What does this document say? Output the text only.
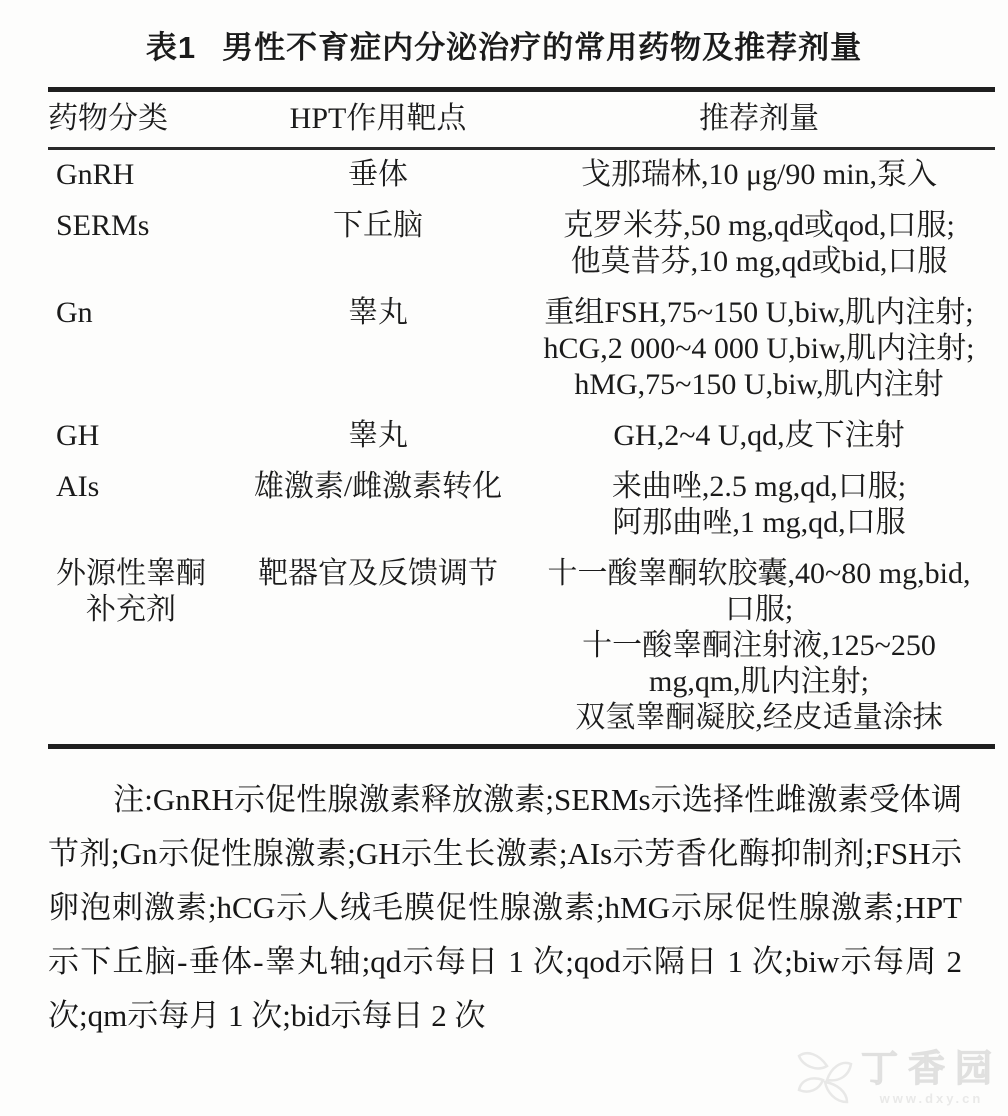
表1 男性不育症内分泌治疗的常用药物及推荐剂量
药物分类	HPT作用靶点	推荐剂量

GnRH	垂体	戈那瑞林,10 μg/90 min,泵入

SERMs	下丘脑	克罗米芬,50 mg,qd或qod,口服;
他莫昔芬,10 mg,qd或bid,口服

Gn	睾丸	重组FSH,75~150 U,biw,肌内注射;
hCG,2 000~4 000 U,biw,肌内注射;
hMG,75~150 U,biw,肌内注射

GH	睾丸	GH,2~4 U,qd,皮下注射

AIs	雄激素/雌激素转化	来曲唑,2.5 mg,qd,口服;
阿那曲唑,1 mg,qd,口服

外源性睾酮
补充剂
	靶器官及反馈调节	十一酸睾酮软胶囊,40~80 mg,bid,口服;
十一酸睾酮注射液,125~250 mg,qm,肌内注射;
双氢睾酮凝胶,经皮适量涂抹
注:GnRH示促性腺激素释放激素;SERMs示选择性雌激素受体调节剂;Gn示促性腺激素;GH示生长激素;AIs示芳香化酶抑制剂;FSH示卵泡刺激素;hCG示人绒毛膜促性腺激素;hMG示尿促性腺激素;HPT示下丘脑-垂体-睾丸轴;qd示每日 1 次;qod示隔日 1 次;biw示每周 2 次;qm示每月 1 次;bid示每日 2 次
丁香园
www.dxy.cn
